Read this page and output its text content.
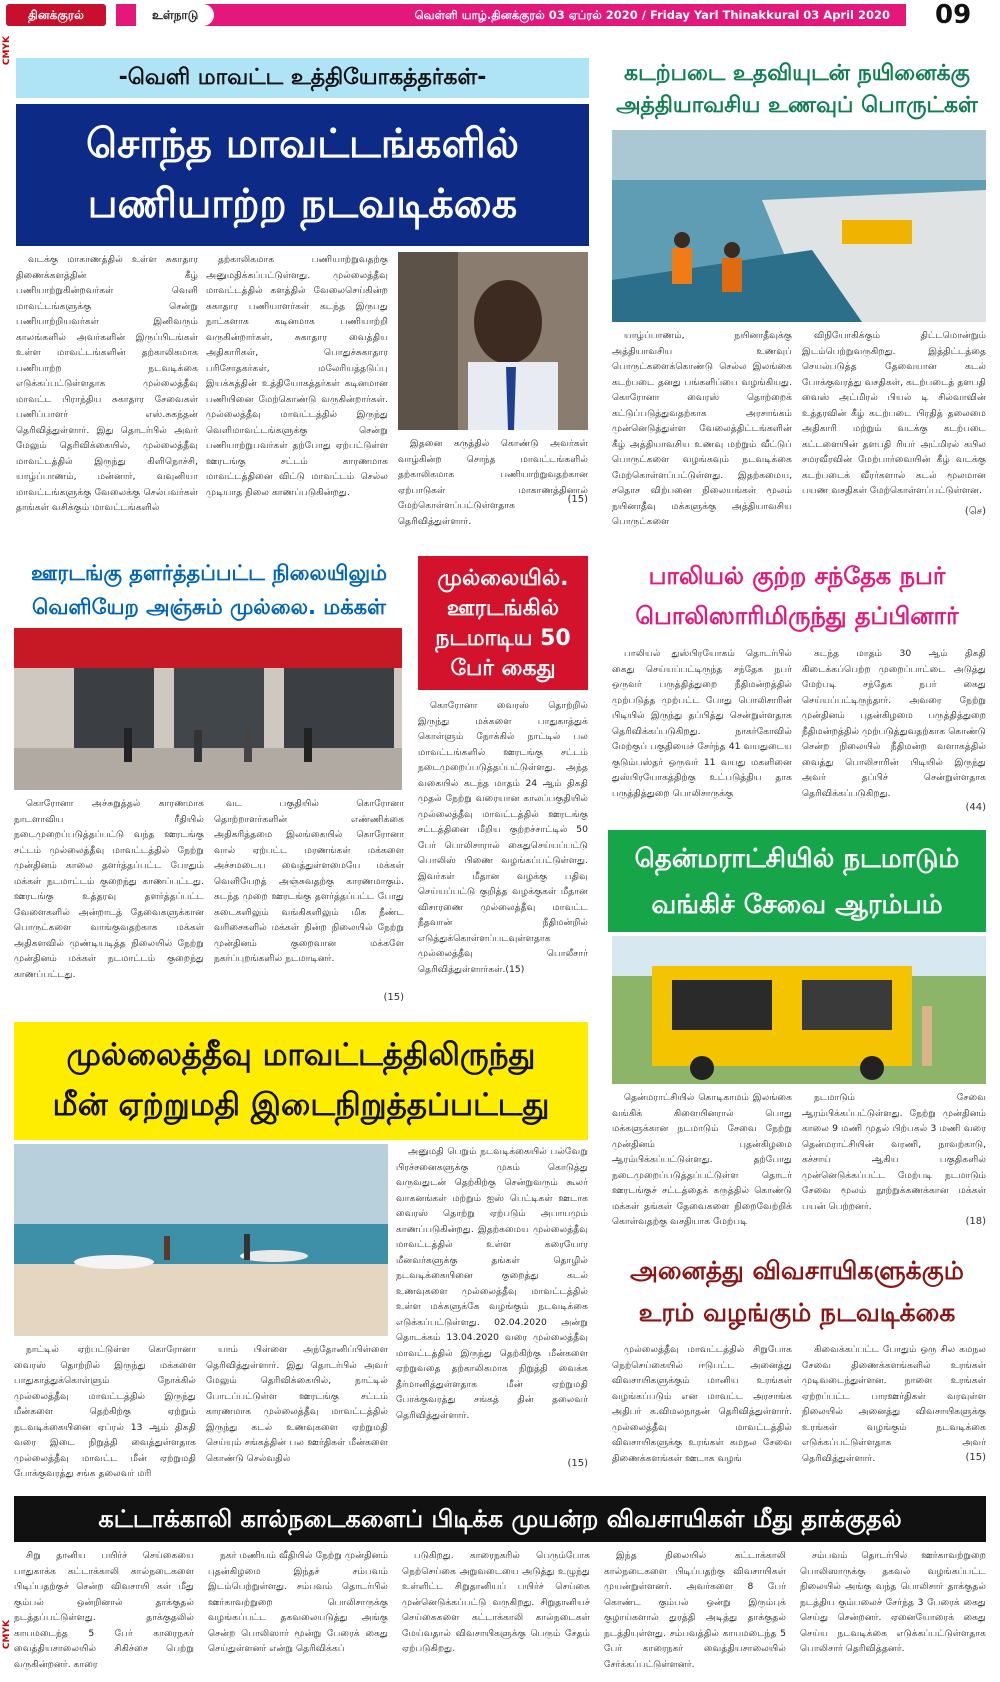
தினக்குரல்	உள்நாடு	வெள்ளி யாழ்.தினக்குரல் 03 ஏப்ரல் 2020 / Friday Yarl Thinakkural 03 April 2020 09
CMYK
CMYK
-வெளி மாவட்ட உத்தியோகத்தர்கள்-
சொந்த மாவட்டங்களில்
பணியாற்ற நடவடிக்கை

வடக்கு மாகாணத்தில் உள்ள சுகாதார திணைக்களத்தின் கீழ் பணியாற்றுகின்றவர்கள் வெளி மாவட்டங்களுக்கு சென்று பணியாற்றியவர்கள் இனிவரும் காலங்களில் அவர்களின் இருப்பிடங்கள் உள்ள மாவட்டங்களின் தற்காலிகமாக பணியாற்ற நடவடிக்கை எடுக்கப்பட்டுள்ளதாக முல்லைத்தீவு மாவட்ட பிராந்திய சுகாதார சேவைகள் பணிப்பாளர் எஸ்.சுகந்தன் தெரிவித்துள்ளார். இது தொடர்பில் அவர் மேலும் தெரிவிக்கையில், முல்லைத்தீவு மாவட்டத்தில் இருந்து கிளிநொச்சி, யாழ்ப்பாணம், மன்னார், வவுனியா மாவட்டங்களுக்கு வேலைக்கு செல்பவர்கள் தாங்கள் வசிக்கும் மாவட்டங்களில்

தற்காலிகமாக பணியாற்றுவதற்கு அனுமதிக்கப்பட்டுள்ளது. முல்லைத்தீவு மாவட்டத்தில் களத்தில் வேலைசெய்கின்ற சுகாதார பணியாளர்கள் கடந்த இருபது நாட்களாக கடினமாக பணியாற்றி வருகின்றார்கள், சுகாதார வைத்திய அதிகாரிகள், பொதுச்சுகாதார பரிசோதகர்கள், மலேரியத்தடுப்பு இயக்கத்தின் உத்தியோகத்தர்கள் கடினமான பணியினை மேற்கொண்டு வருகின்றார்கள். முல்லைத்தீவு மாவட்டத்தில் இருந்து வெளிமாவட்டங்களுக்கு சென்று பணியாற்றுபவர்கள் தற்போது ஏற்பட்டுள்ள ஊரடங்கு சட்டம் காரணமாக மாவட்டத்தினை விட்டு மாவட்டம் செல்ல முடியாத நிலை காணப்படுகின்றது.

இதனை கருத்தில் கொண்டு அவர்கள் வாழ்கின்ற சொந்த மாவட்டங்களில் தற்காலிகமாக பணியாற்றுவதற்கான ஏற்பாடுகள் மாகாணத்தினால் மேற்கொள்ளப்பட்டுள்ளதாக தெரிவித்துள்ளார்.

(15)
கடற்படை உதவியுடன் நயினைக்கு
அத்தியாவசிய உணவுப் பொருட்கள்

யாழ்ப்பாணம், நயினாதீவுக்கு அத்தியாவசிய உணவுப் பொருட்களைக்கொண்டு செல்ல இலங்கை கடற்படை தனது பங்களிப்பை வழங்கியது. கொரோனா வைரஸ் தொற்றைக் கட்டுப்படுத்துவதற்காக அரசாங்கம் முன்னெடுத்துள்ள வேலைத்திட்டங்களின் கீழ் அத்தியாவசிய உணவு மற்றும் வீட்டுப் பொருட்களை வழங்கவும் நடவடிக்கை மேற்கொள்ளப்பட்டுள்ளது. இதற்கமைய, சதொச விற்பனை நிலையங்கள் மூலம் நயினாதீவு மக்களுக்கு அத்தியாவசிய பொருட்களை

விநியோகிக்கும் திட்டமொன்றும் இடம்பெற்றுவருகிறது. இத்திட்டத்தை செயல்படுத்த தேவையான கடல் போக்குவரத்து வசதிகள், கடற்படைத் தளபதி வைஸ் அட்மிரல் பியல் டி சில்வாவின் உத்தரவின் கீழ் கடற்படை பிரதித் தலைமை அதிகாரி மற்றும் வடக்கு கடற்படை கட்டளையின் தளபதி ரியர் அட்மிரல் கபில சமரவீரவின் மேற்பார்வையின் கீழ் வடக்கு கடற்படைக் வீரர்களால் கடல் மூலமான பயண வசதிகள் மேற்கொள்ளப்பட்டுள்ளன.

(செ)
ஊரடங்கு தளர்த்தப்பட்ட நிலையிலும்
வெளியேற அஞ்சும் முல்லை. மக்கள்

கொரோனா அச்சுறுத்தல் காரணமாக நாடளாவிய ரீதியில் நடைமுறைப்படுத்தப்பட்டு வந்த ஊரடங்கு சட்டம் முல்லைத்தீவு மாவட்டத்தில் நேற்று முன்தினம் காலை தளர்த்தப்பட்ட போதும் மக்கள் நடமாட்டம் குறைந்து காணப்பட்டது. ஊரடங்கு உத்தரவு தளர்த்தப்பட்ட வேளைகளில் அன்றாடத் தேவைகளுக்கான பொருட்களை வாங்குவதற்காக மக்கள் அதிகளவில் முண்டியடித்த நிலையில் நேற்று முன்தினம் மக்கள் நடமாட்டம் குறைந்து காணப்பட்டது.

வட பகுதியில் கொரோனா தொற்றாளர்களின் எண்ணிக்கை அதிகரித்தமை இலங்கையில் கொரோனா வால் ஏற்பட்ட மரணங்கள் மக்களை அச்சமடைய வைத்துள்ளமையே மக்கள் வெளியேறத் அஞ்சுவதற்கு காரணமாகும். கடந்த முறை ஊரடங்கு தளர்த்தப்பட்ட போது கடைகளிலும் வங்கிகளிலும் மிக நீண்ட வரிசைகளில் மக்கள் நின்ற நிலையில் நேற்று முன்தினம் குறைவான மக்களே நகர்ப்புறங்களில் நடமாடினர்.

(15)
முல்லையில்.
ஊரடங்கில்
நடமாடிய 50
பேர் கைது

கொரோனா வைரஸ் தொற்றில் இருந்து மக்களை பாதுகாத்துக் கொள்ளும் நோக்கில் நாட்டில் பல மாவட்டங்களில் ஊரடங்கு சட்டம் நடைமுறைப்படுத்தப்பட்டுள்ளது. அந்த வகையில் கடந்த மாதம் 24 ஆம் திகதி முதல் நேற்று வரையான காலப்பகுதியில் முல்லைத்தீவு மாவட்டத்தில் ஊரடங்கு சட்டத்தினை மீறிய குற்றச்சாட்டில் 50 பேர் பொலிசாரால் கைதுசெய்யப்பட்டு பொலிஸ் பிணை வழங்கப்பட்டுள்ளது. இவர்கள் மீதான வழக்கு பதிவு செய்யப்பட்டு குறித்த வழக்குகள் மீதான விசாரணை முல்லைத்தீவு மாவட்ட நீதவான் நீதிமன்றில் எடுத்துக்கொள்ளப்படவுள்ளதாக முல்லைத்தீவு பொலீசார் தெரிவித்துள்ளார்கள்.(15)

பாலியல் குற்ற சந்தேக நபர்
பொலிஸாரிமிருந்து தப்பினார்

பாலியல் துஸ்பிரயோகம் தொடர்பில் கைது செய்யப்பட்டிருந்த சந்தேக நபர் ஒருவர் பருத்தித்துறை நீதிமன்றத்தில் முற்படுத்த முற்பட்ட போது பொலிசாரின் பிடியில் இருந்து தப்பித்து சென்றுள்ளதாக தெரிவிக்கப்படுகிறது. நாகர்கோவில் மேற்குப் பகுதியைச் சேர்ந்த 41 வயதுடைய குடும்பஸ்தர் ஒருவர் 11 வயது மகளினை துஸ்பிரயோகத்திற்கு உட்படுத்திய தாக பருத்தித்துறை பொலிசாருக்கு

கடந்த மாதம் 30 ஆம் திகதி கிடைக்கப்பெற்ற முறைப்பாட்டை அடுத்து மேற்படி சந்தேக நபர் கைது செய்யப்பட்டிருந்தார். அவரை நேற்று முன்தினம் புதன்கிழமை பருத்தித்துறை நீதிமன்றத்தில் முற்படுத்துவதற்காக கொண்டு சென்ற நிலையில் நீதிமன்ற வளாகத்தில் வைத்து பொலிசாரின் பிடியில் இருந்து அவர் தப்பிச் சென்றுள்ளதாக தெரிவிக்கப்படுகிறது.

(44)
தென்மராட்சியில் நடமாடும்
வங்கிச் சேவை ஆரம்பம்

தென்மராட்சியில் கொடிகாமம் இலங்கை வங்கிக் கிளையினரால் பொது மக்களுக்கான நடமாடும் சேவை நேற்று முன்தினம் புதன்கிழமை ஆரம்பிக்கப்பட்டுள்ளது. தற்போது நடைமுறைப்படுத்தப்பட்டுள்ள தொடர் ஊரடங்குச் சட்டத்தைக் கருத்தில் கொண்டு மக்கள் தங்கள் தேவைகளை நிறைவேற்றிக் கொள்வதற்கு வசதியாக மேற்படி

நடமாடும் சேவை ஆரம்பிக்கப்பட்டுள்ளது. நேற்று முன்தினம் காலை 9 மணி முதல் பிற்பகல் 3 மணி வரை தென்மராட்சியின் வரணி, நாவற்காடு, கச்சாய் ஆகிய பகுதிகளில் முன்னெடுக்கப்பட்ட மேற்படி நடமாடும் சேவை மூலம் நூற்றுக்கணக்கான மக்கள் பயன் பெற்றனர்.

(18)
முல்லைத்தீவு மாவட்டத்திலிருந்து
மீன் ஏற்றுமதி இடைநிறுத்தப்பட்டது

அனுமதி பெறும் நடவடிக்கையில் பல்வேறு பிரச்சனைகளுக்கு முகம் கொடுத்து வருவதுடன் தெற்கிற்கு சென்றுவரும் கூலர் வாகனங்கள் மற்றும் ஐஸ் பெட்டிகள் ஊடாக வைரஸ் தொற்று ஏற்படும் அபாயமும் காணப்படுகின்றது. இதற்கமைய முல்லைத்தீவு மாவட்டத்தில் உள்ள கரையோர மீனவர்களுக்கு தங்கள் தொழில் நடவடிக்கையினை குறைத்து கடல் உணவுகளை முல்லைத்தீவு மாவட்டத்தில் உள்ள மக்களுக்கே வழங்கும் நடவடிக்கை எடுக்கப்பட்டுள்ளது. 02.04.2020 அன்று தொடக்கம் 13.04.2020 வரை முல்லைத்தீவு மாவட்டத்தில் இருந்து தெற்கிற்கு மீன்களை ஏற்றுவதை தற்காலிகமாக நிறுத்தி வைக்க தீர்மானித்துள்ளதாக மீன் ஏற்றுமதி போக்குவரத்து சங்கத் தின் தலைவர் தெரிவித்துள்ளார்.

(15)

நாட்டில் ஏற்பட்டுள்ள கொரோனா வைரஸ் தொற்றில் இருந்து மக்களை பாதுகாத்துக்கொள்ளும் நோக்கில் முல்லைத்தீவு மாவட்டத்தில் இருந்து மீன்களை தெற்கிற்கு ஏற்றும் நடவடிக்கையினை ஏப்ரல் 13 ஆம் திகதி வரை இடை நிறுத்தி வைத்துள்ளதாக முல்லைத்தீவு மாவட்ட மீன் ஏற்றுமதி போக்குவரத்து சங்க தலைவர் மரி

யாம் பிள்ளை அந்தோனிப்பிள்ளை தெரிவித்துள்ளார். இது தொடர்பில் அவர் மேலும் தெரிவிக்கையில், நாட்டில் போடப்பட்டுள்ள ஊரடங்கு சட்டம் காரணமாக முல்லைத்தீவு மாவட்டத்தில் இருந்து கடல் உணவுகளை ஏற்றுமதி செய்யும் சங்கத்தின் பல ஊர்திகள் மீன்களை கொண்டு செல்வதில்

அனைத்து விவசாயிகளுக்கும்
உரம் வழங்கும் நடவடிக்கை

முல்லைத்தீவு மாவட்டத்தில் சிறுபோக நெற்செய்கையில் ஈடுபட்ட அனைத்து விவசாயிகளுக்கும் மானிய உரங்கள் வழங்கப்படும் என மாவட்ட அரசாங்க அதிபர் க.விமலநாதன் தெரிவித்துள்ளார். முல்லைத்தீவு மாவட்டத்தில் விவசாயிகளுக்கு உரங்கள் கமநல சேவை திணைக்களங்கள் ஊடாக வழங்

கிவைக்கப்பட்ட போதும் ஒரு சில கமநல சேவை திணைக்களங்களில் உரங்கள் முடிவடைந்துள்ளன. நாளை உரங்கள் ஏற்றப்பட்ட பாரஊர்திகள் வரவுள்ள நிலையில் அனைத்து விவசாயிகளுக்கு உரங்கள் வழங்கும் நடவடிக்கை எடுக்கப்பட்டுள்ளதாக அவர் தெரிவித்துள்ளார்.	(15)
கட்டாக்காலி கால்நடைகளைப் பிடிக்க முயன்ற விவசாயிகள் மீது தாக்குதல்

சிறு தானிய பயிர்ச் செய்கையை பாதுகாக்க கட்டாக்காலி கால்நடைகளை பிடிப்பதற்குச் சென்ற விவசாயி கள் மீது கும்பல் ஒன்றினால் தாக்குதல் நடத்தப்பட்டுள்ளது. தாக்குதலில் காயமடைந்த 5 பேர் காரைநகர் வைத்தியசாலையில் சிகிச்சை பெற்று வருகின்றனர். காரை

நகர் மணியம் வீதியில் நேற்று முன்தினம் புதன்கிழமை இந்தச் சம்பவம் இடம்பெற்றுள்ளது. சம்பவம் தொடர்பில் ஊர்காவற்றுறை பொலிசாருக்கு வழங்கப்பட்ட தகவலையடுத்து அங்கு சென்ற பொலிஸார் மூன்று பேரைக் கைது செய்துள்ளனர் என்று தெரிவிக்கப்

படுகிறது. காரைநகரில் பெரும்போக நெற்செய்கை அறுவடையை அடுத்து உழுந்து உள்ளிட்ட சிறுதானியப் பயிர்ச் செய்கை முன்னெடுக்கப்பட்டு வருகிறது. சிறுதானியச் செய்கைகளை கட்டாக்காலி கால்நடைகள் மேய்வதால் விவசாயிகளுக்கு பெரும் சேதம் ஏற்படுகிறது.

இந்த நிலையில் கட்டாக்காலி கால்நடைகளை பிடிப்பதற்கு விவசாயிகள் முயன்றுள்ளனர். அவர்களை 8 பேர் கொண்ட கும்பல் ஒன்று இரும்புக் குழாய்களால் துரத்தி அடித்து தாக்குதல் நடத்தியுள்ளது. சம்பவத்தில் காயமடைந்த 5 பேர் காரைநகர் வைத்தியசாலையில் சேர்க்கப்பட்டுள்ளனர்.

சம்பவம் தொடர்பில் ஊர்காவற்றுறை பொலிஸாருக்கு தகவல் வழங்கப்பட்ட நிலையில் அங்கு வந்த பொலிசார் தாக்குதல் நடத்திய கும்பலைச் சேர்ந்த 3 பேரைக் கைது செய்து சென்றனர். ஏனையோரைக் கைது செய்ய நடவடிக்கை எடுக்கப்பட்டுள்ளதாக பொலிசார் தெரிவித்தனர்.
